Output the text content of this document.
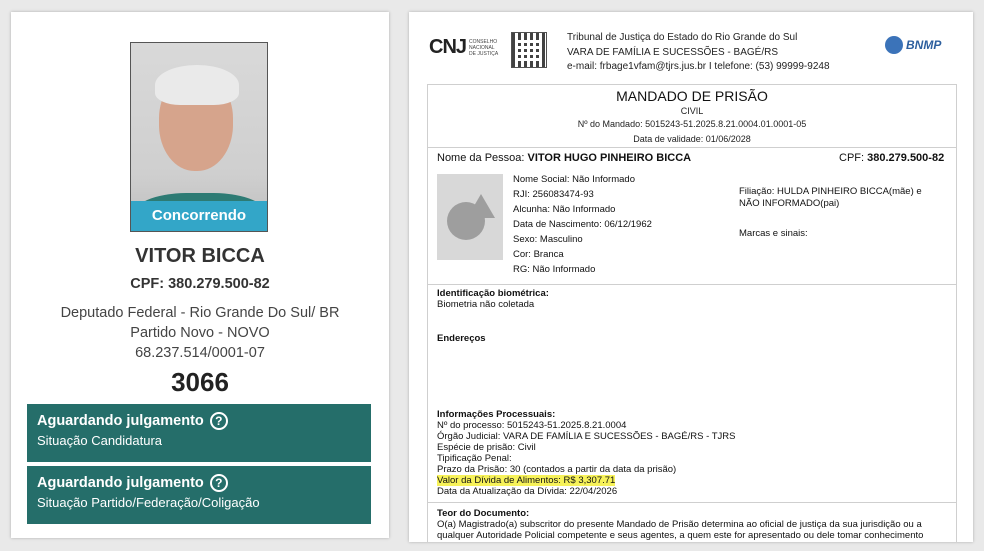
Concorrendo
VITOR BICCA
CPF: 380.279.500-82
Deputado Federal - Rio Grande Do Sul/ BR
Partido Novo - NOVO
68.237.514/0001-07
3066
Aguardando julgamento ?
Situação Candidatura
Aguardando julgamento ?
Situação Partido/Federação/Coligação
CNJ CONSELHO
NACIONAL
DE JUSTIÇA
Tribunal de Justiça do Estado do Rio Grande do Sul
VARA DE FAMÍLIA E SUCESSÕES - BAGÉ/RS
e-mail: frbage1vfam@tjrs.jus.br I telefone: (53) 99999-9248
BNMP
MANDADO DE PRISÃO
CIVIL
Nº do Mandado: 5015243-51.2025.8.21.0004.01.0001-05
Data de validade: 01/06/2028
Nome da Pessoa: VITOR HUGO PINHEIRO BICCA	CPF: 380.279.500-82
Nome Social: Não Informado
RJI: 256083474-93
Alcunha: Não Informado
Data de Nascimento: 06/12/1962
Sexo: Masculino
Cor: Branca
RG: Não Informado
Filiação: HULDA PINHEIRO BICCA(mãe) e
NÃO INFORMADO(pai)
Marcas e sinais:
Identificação biométrica:
Biometria não coletada
Endereços
Informações Processuais:
Nº do processo: 5015243-51.2025.8.21.0004
Órgão Judicial: VARA DE FAMÍLIA E SUCESSÕES - BAGÉ/RS - TJRS
Espécie de prisão: Civil
Tipificação Penal:
Prazo da Prisão: 30 (contados a partir da data da prisão)
Valor da Dívida de Alimentos: R$ 3,307.71
Data da Atualização da Dívida: 22/04/2026
Teor do Documento:
O(a) Magistrado(a) subscritor do presente Mandado de Prisão determina ao oficial de justiça da sua jurisdição ou a
qualquer Autoridade Policial competente e seus agentes, a quem este for apresentado ou dele tomar conhecimento
